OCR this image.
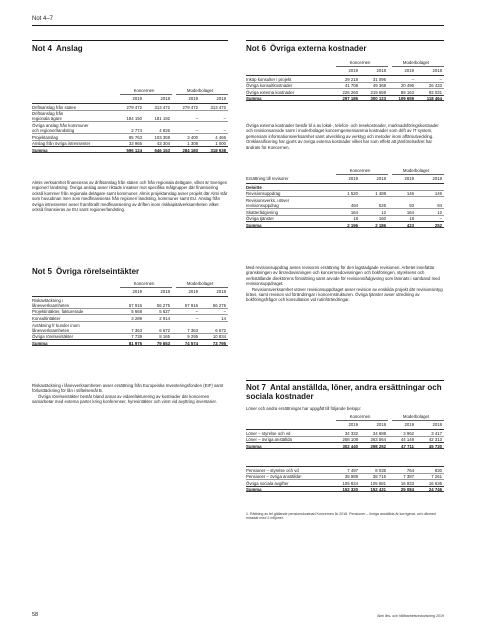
Not 4–7
Not 4 Anslag
Koncernen	Moderbolaget
2019	2018	2019	2018
Driftsanslag från staten	279 472	313 472	279 472	313 472
Driftsanslag från
regionala ägare	184 150	181 192	–	–
Övriga anslag från kommuner
och regioner/landsting	2 774	4 826	–	–
Projektanslag	95 763	103 359	3 400	4 466
Anslag från övriga intressenter	33 965	43 304	1 308	1 000
Summa	596 124	646 153	284 180	318 938

Almis verksamhet finansieras av driftsanslag från staten och från regionala delägare, vilket är Sveriges regioner/ landsting. Övriga anslag avser riktade insatser mot specifika målgrupper där finansiering också kommer från regionala delägare samt kommuner. Almis projektanslag avser projekt där Almi står som huvudman men som medfinansieras från regioner/ landsting, kommuner samt EU. Anslag från övriga intressenter avser framförallt medfinansiering av driften inom riskkapitalverksamheten vilket också finansieras av EU samt regioner/landsting.

Not 5 Övriga rörelseintäkter
Koncernen	Moderbolaget
2019	2018	2019	2018
Riskavtäckning i
lånevverksamheten	57 916	56 275	57 916	56 275
Projektintäkter, fakturerade	5 668	5 627	–	–
Konsultintäkter	3 289	2 914	–	14
Avräkning fr kunder inom
lånevverksamheten	7 363	6 672	7 363	6 672
Övriga rörelseintäkter	7 739	8 165	9 295	10 834
Summa	81 975	79 653	74 574	73 795

Riskavtäckning i lånevverksamheten avser ersättning från Europeiska Investeringsfonden (EIF) samt förlusttäckning för lån i stiftelsemål B.

Övriga rörelseintäkter består bland annat av vidarefakturering av kostnader där koncernen samarbetar med externa parter kring konferenser, hyresintäkter och vinst vid avyttring inventarier.

Not 6 Övriga externa kostnader
Koncernen	Moderbolaget
2019	2018	2019	2018
Inköp konsulter i projekt	29 218	31 095	–	–
Övriga konsultkostnader	41 708	49 368	20 496	26 433
Övriga externa kostnader	226 260	219 659	89 163	92 031
Summa	297 186	300 123	109 659	118 464

Övriga externa kostnader består bl a av lokal-, telefon- och resekostnader, marknadsföringskostnader och revisionsarvode samt i moderbolaget koncerngemensamma kostnader som drift av IT system, gemensam informationsverksamhet samt utveckling av verktyg och metoder inom affärsutveckling. Omklassificering har gjorts av övriga externa kostnader vilket har som effekt att jämförelseåret har ändrats för Koncernen.

Koncernen	Moderbolaget
Ersättning till revisorer	2019	2018	2019	2018
Deloitte
Revisionsuppdrag	1 520	1 488	146	146
Revisionsverks. utöver
revisionsuppdrag	494	526	93	94
Skatterådgivning	164	12	164	12
Övriga tjänster	18	160	18	–
Summa	2 196	2 186	423	252

Med revisionsuppdrag avses revisorns ersättning för den lagstadgade revisionen. Arbetet innefattar granskningen av årsredovisningen och koncernredovisningen och bokföringen, styrelsens och verkställande direktörens förvaltning samt arvode för revisionsrådgivning som lämnats i samband med revisionsuppdraget.

Revisionsverksamhet utöver revisionsuppdraget avser revision av enskilda projekt där revisionsintyg krävs, samt revision vid förändringar i koncernstrukturen. Övriga tjänster avser utredning av bokföringsfrågor och konsultation vid rutinförändringar.

Not 7 Antal anställda, löner, andra ersättningar och sociala kostnader
Löner och andra ersättningar har uppgått till följande belopp:
Koncernen	Moderbolaget
2019	2018	2019	2018
Löner – styrelse och vd	34 332	34 688	3 962	3 417
Löner – övriga anställda	268 108	263 564	44 149	42 313
Summa	302 440	298 252	47 711	45 730
Pensioner – styrelse och vd	7 497	8 035	764	830
Pensioner – övriga anställda¹	38 989	38 715	7 387	7 261
Övriga sociala avgifter	105 834	105 681	16 933	16 635
Summa	152 320	152 431	25 084	24 746
1. Rättning av fel gällande pensionskostnad Koncernen år 2018. Pensioner – övriga anställda är korrigerat, och därmed minskat med 2 miljoner.
58	Almi års- och hållbarhetsredovisning 2019
